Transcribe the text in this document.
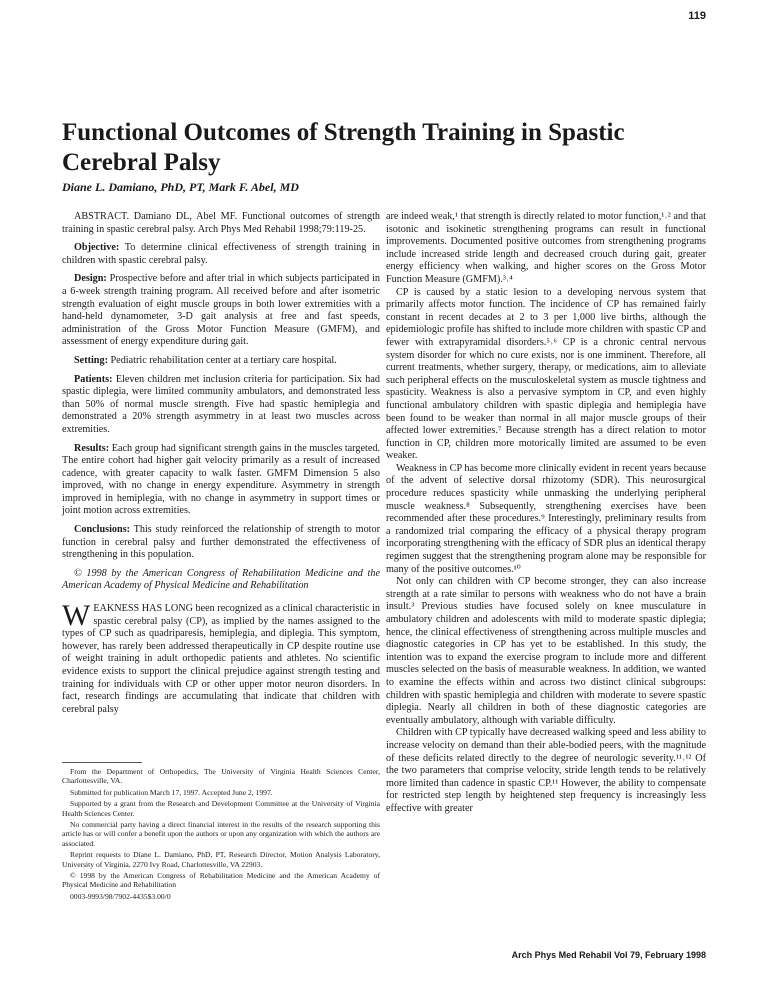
119
Functional Outcomes of Strength Training in Spastic Cerebral Palsy
Diane L. Damiano, PhD, PT, Mark F. Abel, MD

ABSTRACT. Damiano DL, Abel MF. Functional outcomes of strength training in spastic cerebral palsy. Arch Phys Med Rehabil 1998;79:119-25.

Objective: To determine clinical effectiveness of strength training in children with spastic cerebral palsy.

Design: Prospective before and after trial in which subjects participated in a 6-week strength training program. All received before and after isometric strength evaluation of eight muscle groups in both lower extremities with a hand-held dynamometer, 3-D gait analysis at free and fast speeds, administration of the Gross Motor Function Measure (GMFM), and assessment of energy expenditure during gait.

Setting: Pediatric rehabilitation center at a tertiary care hospital.

Patients: Eleven children met inclusion criteria for participation. Six had spastic diplegia, were limited community ambulators, and demonstrated less than 50% of normal muscle strength. Five had spastic hemiplegia and demonstrated a 20% strength asymmetry in at least two muscles across extremities.

Results: Each group had significant strength gains in the muscles targeted. The entire cohort had higher gait velocity primarily as a result of increased cadence, with greater capacity to walk faster. GMFM Dimension 5 also improved, with no change in energy expenditure. Asymmetry in strength improved in hemiplegia, with no change in asymmetry in support times or joint motion across extremities.

Conclusions: This study reinforced the relationship of strength to motor function in cerebral palsy and further demonstrated the effectiveness of strengthening in this population.

© 1998 by the American Congress of Rehabilitation Medicine and the American Academy of Physical Medicine and Rehabilitation

WEAKNESS HAS LONG been recognized as a clinical characteristic in spastic cerebral palsy (CP), as implied by the names assigned to the types of CP such as quadriparesis, hemiplegia, and diplegia. This symptom, however, has rarely been addressed therapeutically in CP despite routine use of weight training in adult orthopedic patients and athletes. No scientific evidence exists to support the clinical prejudice against strength testing and training for individuals with CP or other upper motor neuron disorders. In fact, research findings are accumulating that indicate that children with cerebral palsy

From the Department of Orthopedics, The University of Virginia Health Sciences Center, Charlottesville, VA.

Submitted for publication March 17, 1997. Accepted June 2, 1997.

Supported by a grant from the Research and Development Committee at the University of Virginia Health Sciences Center.

No commercial party having a direct financial interest in the results of the research supporting this article has or will confer a benefit upon the authors or upon any organization with which the authors are associated.

Reprint requests to Diane L. Damiano, PhD, PT, Research Director, Motion Analysis Laboratory, University of Virginia, 2270 Ivy Road, Charlottesville, VA 22903.

© 1998 by the American Congress of Rehabilitation Medicine and the American Academy of Physical Medicine and Rehabilitation

0003-9993/98/7902-4435$3.00/0

are indeed weak,¹ that strength is directly related to motor function,¹˒² and that isotonic and isokinetic strengthening programs can result in functional improvements. Documented positive outcomes from strengthening programs include increased stride length and decreased crouch during gait, greater energy efficiency when walking, and higher scores on the Gross Motor Function Measure (GMFM).³˒⁴

CP is caused by a static lesion to a developing nervous system that primarily affects motor function. The incidence of CP has remained fairly constant in recent decades at 2 to 3 per 1,000 live births, although the epidemiologic profile has shifted to include more children with spastic CP and fewer with extrapyramidal disorders.⁵˒⁶ CP is a chronic central nervous system disorder for which no cure exists, nor is one imminent. Therefore, all current treatments, whether surgery, therapy, or medications, aim to alleviate such peripheral effects on the musculoskeletal system as muscle tightness and spasticity. Weakness is also a pervasive symptom in CP, and even highly functional ambulatory children with spastic diplegia and hemiplegia have been found to be weaker than normal in all major muscle groups of their affected lower extremities.⁷ Because strength has a direct relation to motor function in CP, children more motorically limited are assumed to be even weaker.

Weakness in CP has become more clinically evident in recent years because of the advent of selective dorsal rhizotomy (SDR). This neurosurgical procedure reduces spasticity while unmasking the underlying peripheral muscle weakness.⁸ Subsequently, strengthening exercises have been recommended after these procedures.⁹ Interestingly, preliminary results from a randomized trial comparing the efficacy of a physical therapy program incorporating strengthening with the efficacy of SDR plus an identical therapy regimen suggest that the strengthening program alone may be responsible for many of the positive outcomes.¹⁰

Not only can children with CP become stronger, they can also increase strength at a rate similar to persons with weakness who do not have a brain insult.³ Previous studies have focused solely on knee musculature in ambulatory children and adolescents with mild to moderate spastic diplegia; hence, the clinical effectiveness of strengthening across multiple muscles and diagnostic categories in CP has yet to be established. In this study, the intention was to expand the exercise program to include more and different muscles selected on the basis of measurable weakness. In addition, we wanted to examine the effects within and across two distinct clinical subgroups: children with spastic hemiplegia and children with moderate to severe spastic diplegia. Nearly all children in both of these diagnostic categories are eventually ambulatory, although with variable difficulty.

Children with CP typically have decreased walking speed and less ability to increase velocity on demand than their able-bodied peers, with the magnitude of these deficits related directly to the degree of neurologic severity.¹¹˒¹² Of the two parameters that comprise velocity, stride length tends to be relatively more limited than cadence in spastic CP.¹¹ However, the ability to compensate for restricted step length by heightened step frequency is increasingly less effective with greater

Arch Phys Med Rehabil Vol 79, February 1998
